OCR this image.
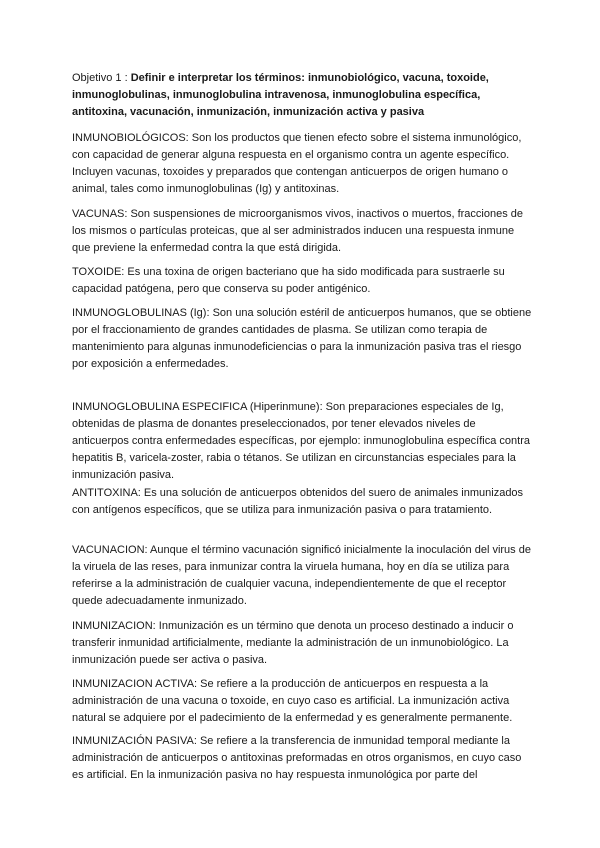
Objetivo 1 : Definir e interpretar los términos: inmunobiológico, vacuna, toxoide, inmunoglobulinas, inmunoglobulina intravenosa, inmunoglobulina específica, antitoxina, vacunación, inmunización, inmunización activa y pasiva

INMUNOBIOLÓGICOS: Son los productos que tienen efecto sobre el sistema inmunológico, con capacidad de generar alguna respuesta en el organismo contra un agente específico. Incluyen vacunas, toxoides y preparados que contengan anticuerpos de origen humano o animal, tales como inmunoglobulinas (Ig) y antitoxinas.

VACUNAS: Son suspensiones de microorganismos vivos, inactivos o muertos, fracciones de los mismos o partículas proteicas, que al ser administrados inducen una respuesta inmune que previene la enfermedad contra la que está dirigida.

TOXOIDE: Es una toxina de origen bacteriano que ha sido modificada para sustraerle su capacidad patógena, pero que conserva su poder antigénico.

INMUNOGLOBULINAS (Ig): Son una solución estéril de anticuerpos humanos, que se obtiene por el fraccionamiento de grandes cantidades de plasma. Se utilizan como terapia de mantenimiento para algunas inmunodeficiencias o para la inmunización pasiva tras el riesgo por exposición a enfermedades.

INMUNOGLOBULINA ESPECIFICA (Hiperinmune): Son preparaciones especiales de Ig, obtenidas de plasma de donantes preseleccionados, por tener elevados niveles de anticuerpos contra enfermedades específicas, por ejemplo: inmunoglobulina específica contra hepatitis B, varicela-zoster, rabia o tétanos. Se utilizan en circunstancias especiales para la inmunización pasiva.

ANTITOXINA: Es una solución de anticuerpos obtenidos del suero de animales inmunizados con antígenos específicos, que se utiliza para inmunización pasiva o para tratamiento.

VACUNACION: Aunque el término vacunación significó inicialmente la inoculación del virus de la viruela de las reses, para inmunizar contra la viruela humana, hoy en día se utiliza para referirse a la administración de cualquier vacuna, independientemente de que el receptor quede adecuadamente inmunizado.

INMUNIZACION: Inmunización es un término que denota un proceso destinado a inducir o transferir inmunidad artificialmente, mediante la administración de un inmunobiológico. La inmunización puede ser activa o pasiva.

INMUNIZACION ACTIVA: Se refiere a la producción de anticuerpos en respuesta a la administración de una vacuna o toxoide, en cuyo caso es artificial. La inmunización activa natural se adquiere por el padecimiento de la enfermedad y es generalmente permanente.

INMUNIZACIÓN PASIVA: Se refiere a la transferencia de inmunidad temporal mediante la administración de anticuerpos o antitoxinas preformadas en otros organismos, en cuyo caso es artificial. En la inmunización pasiva no hay respuesta inmunológica por parte del
